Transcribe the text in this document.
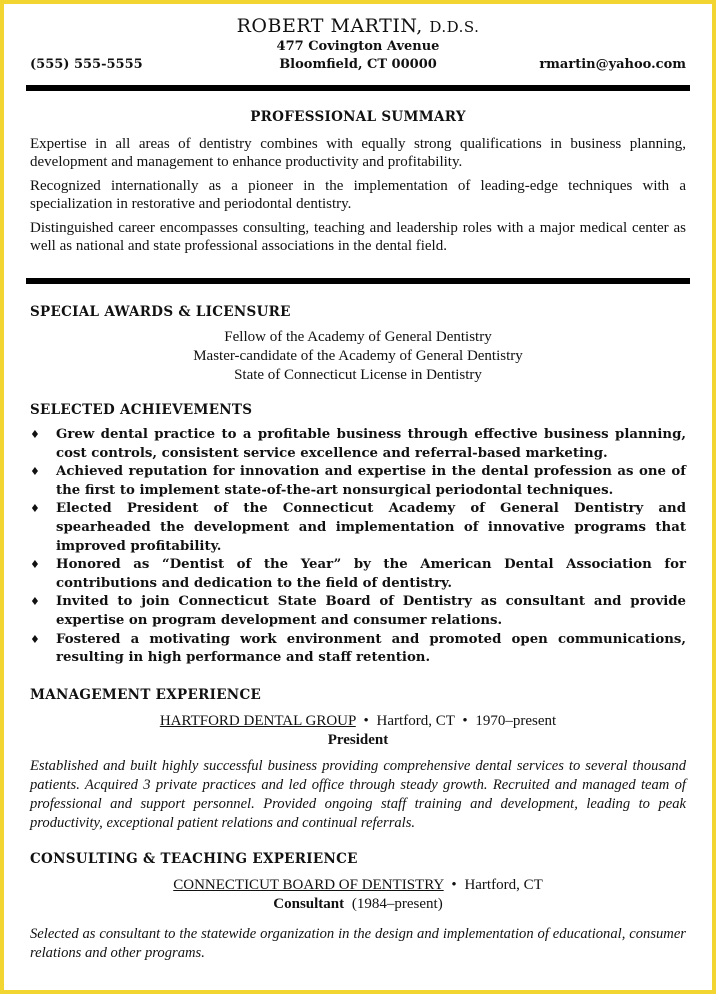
ROBERT MARTIN, D.D.S.
477 Covington Avenue
(555) 555-5555	Bloomfield, CT 00000	rmartin@yahoo.com
PROFESSIONAL SUMMARY

Expertise in all areas of dentistry combines with equally strong qualifications in business planning, development and management to enhance productivity and profitability.

Recognized internationally as a pioneer in the implementation of leading-edge techniques with a specialization in restorative and periodontal dentistry.

Distinguished career encompasses consulting, teaching and leadership roles with a major medical center as well as national and state professional associations in the dental field.

SPECIAL AWARDS & LICENSURE
Fellow of the Academy of General Dentistry
Master-candidate of the Academy of General Dentistry
State of Connecticut License in Dentistry
SELECTED ACHIEVEMENTS
♦ Grew dental practice to a profitable business through effective business planning, cost controls, consistent service excellence and referral-based marketing.
♦ Achieved reputation for innovation and expertise in the dental profession as one of the first to implement state-of-the-art nonsurgical periodontal techniques.
♦ Elected President of the Connecticut Academy of General Dentistry and spearheaded the development and implementation of innovative programs that improved profitability.
♦ Honored as “Dentist of the Year” by the American Dental Association for contributions and dedication to the field of dentistry.
♦ Invited to join Connecticut State Board of Dentistry as consultant and provide expertise on program development and consumer relations.
♦ Fostered a motivating work environment and promoted open communications, resulting in high performance and staff retention.
MANAGEMENT EXPERIENCE
HARTFORD DENTAL GROUP • Hartford, CT • 1970–present
President

Established and built highly successful business providing comprehensive dental services to several thousand patients. Acquired 3 private practices and led office through steady growth. Recruited and managed team of professional and support personnel. Provided ongoing staff training and development, leading to peak productivity, exceptional patient relations and continual referrals.

CONSULTING & TEACHING EXPERIENCE
CONNECTICUT BOARD OF DENTISTRY • Hartford, CT
Consultant (1984–present)

Selected as consultant to the statewide organization in the design and implementation of educational, consumer relations and other programs.
